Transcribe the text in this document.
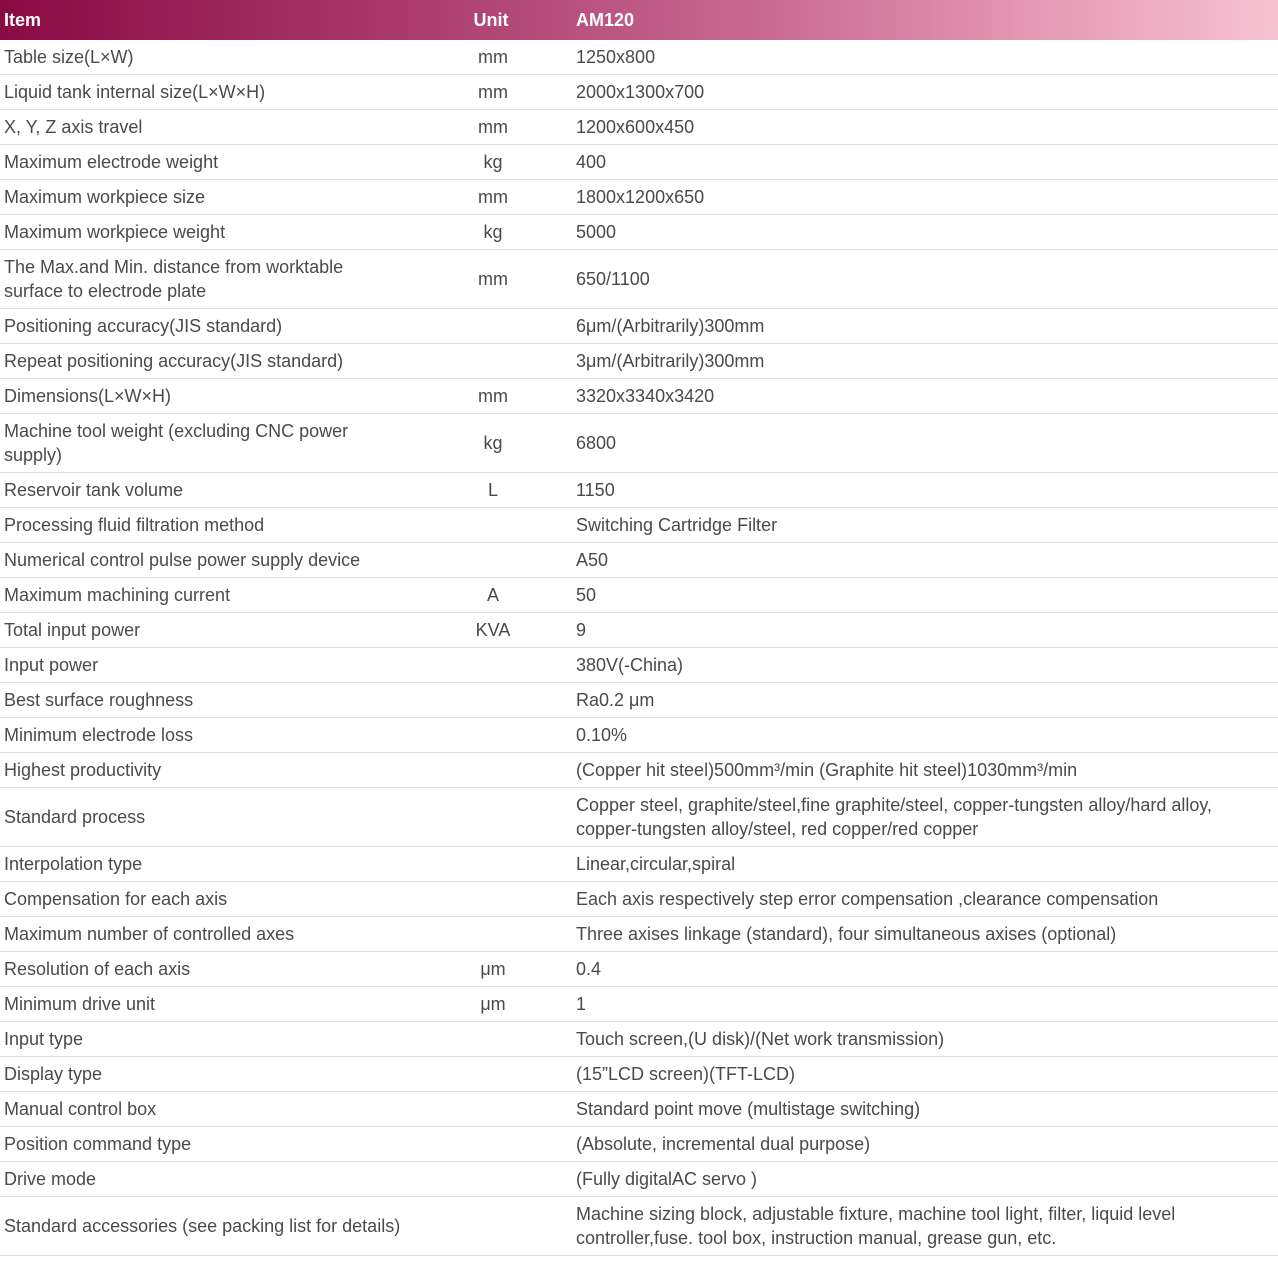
Item	Unit	AM120
Table size(L×W)	mm	1250x800
Liquid tank internal size(L×W×H)	mm	2000x1300x700
X, Y, Z axis travel	mm	1200x600x450
Maximum electrode weight	kg	400
Maximum workpiece size	mm	1800x1200x650
Maximum workpiece weight	kg	5000
The Max.and Min. distance from worktable surface to electrode plate	mm	650/1100
Positioning accuracy(JIS standard)		6μm/(Arbitrarily)300mm
Repeat positioning accuracy(JIS standard)		3μm/(Arbitrarily)300mm
Dimensions(L×W×H)	mm	3320x3340x3420
Machine tool weight (excluding CNC power supply)	kg	6800
Reservoir tank volume	L	1150
Processing fluid filtration method		Switching Cartridge Filter
Numerical control pulse power supply device		A50
Maximum machining current	A	50
Total input power	KVA	9
Input power		380V(-China)
Best surface roughness		Ra0.2 μm
Minimum electrode loss		0.10%
Highest productivity		(Copper hit steel)500mm³/min (Graphite hit steel)1030mm³/min
Standard process		Copper steel, graphite/steel,fine graphite/steel, copper-tungsten alloy/hard alloy, copper-tungsten alloy/steel, red copper/red copper
Interpolation type		Linear,circular,spiral
Compensation for each axis		Each axis respectively step error compensation ,clearance compensation
Maximum number of controlled axes		Three axises linkage (standard), four simultaneous axises (optional)
Resolution of each axis	μm	0.4
Minimum drive unit	μm	1
Input type		Touch screen,(U disk)/(Net work transmission)
Display type		(15”LCD screen)(TFT-LCD)
Manual control box		Standard point move (multistage switching)
Position command type		(Absolute, incremental dual purpose)
Drive mode		(Fully digitalAC servo )
Standard accessories (see packing list for details)		Machine sizing block, adjustable fixture, machine tool light, filter, liquid level controller,fuse. tool box, instruction manual, grease gun, etc.
